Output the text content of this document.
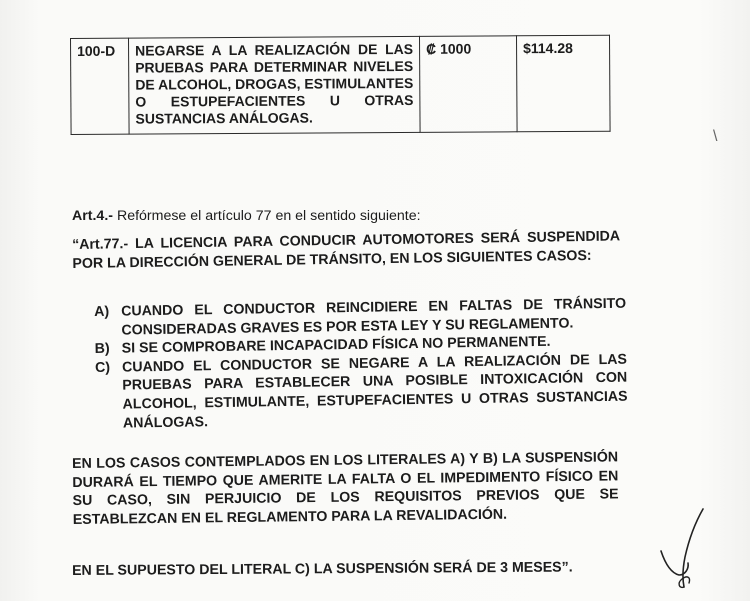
100-D	NEGARSE A LA REALIZACIÓN DE LAS PRUEBAS PARA DETERMINAR NIVELES DE ALCOHOL, DROGAS, ESTIMULANTES O ESTUPEFACIENTES U OTRAS SUSTANCIAS ANÁLOGAS.	₡ 1000	$114.28
\
Art.4.- Refórmese el artículo 77 en el sentido siguiente:
“Art.77.- LA LICENCIA PARA CONDUCIR AUTOMOTORES SERÁ SUSPENDIDA POR LA DIRECCIÓN GENERAL DE TRÁNSITO, EN LOS SIGUIENTES CASOS:
A) CUANDO EL CONDUCTOR REINCIDIERE EN FALTAS DE TRÁNSITO CONSIDERADAS GRAVES ES POR ESTA LEY Y SU REGLAMENTO.
B) SI SE COMPROBARE INCAPACIDAD FÍSICA NO PERMANENTE.
C) CUANDO EL CONDUCTOR SE NEGARE A LA REALIZACIÓN DE LAS PRUEBAS PARA ESTABLECER UNA POSIBLE INTOXICACIÓN CON ALCOHOL, ESTIMULANTE, ESTUPEFACIENTES U OTRAS SUSTANCIAS ANÁLOGAS.
EN LOS CASOS CONTEMPLADOS EN LOS LITERALES A) Y B) LA SUSPENSIÓN DURARÁ EL TIEMPO QUE AMERITE LA FALTA O EL IMPEDIMENTO FÍSICO EN SU CASO, SIN PERJUICIO DE LOS REQUISITOS PREVIOS QUE SE ESTABLEZCAN EN EL REGLAMENTO PARA LA REVALIDACIÓN.
EN EL SUPUESTO DEL LITERAL C) LA SUSPENSIÓN SERÁ DE 3 MESES”.
